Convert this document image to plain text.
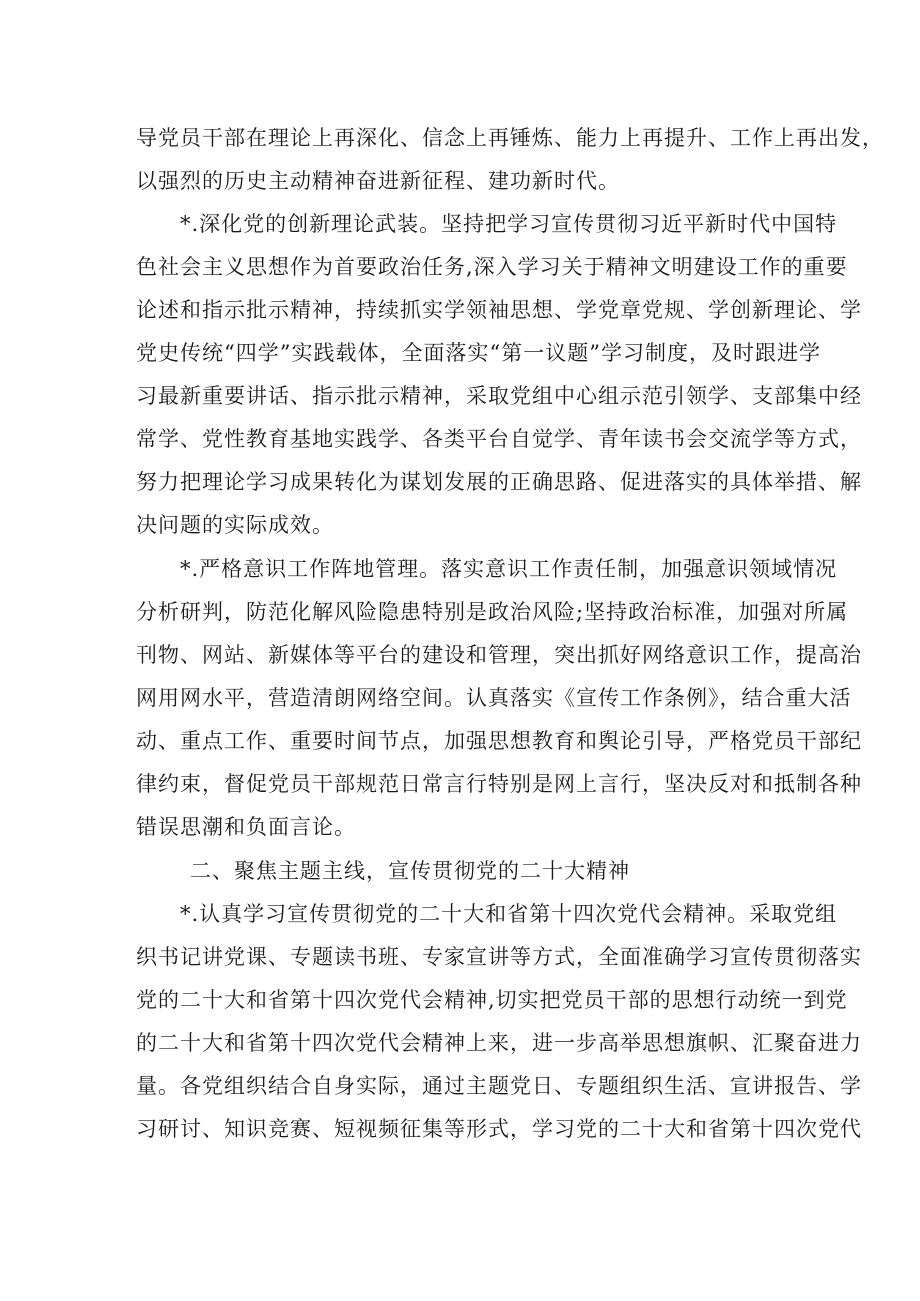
导党员干部在理论上再深化、信念上再锤炼、能力上再提升、工作上再出发，
以强烈的历史主动精神奋进新征程、建功新时代。
*.深化党的创新理论武装。坚持把学习宣传贯彻习近平新时代中国特
色社会主义思想作为首要政治任务,深入学习关于精神文明建设工作的重要
论述和指示批示精神，持续抓实学领袖思想、学党章党规、学创新理论、学
党史传统“四学”实践载体，全面落实“第一议题”学习制度，及时跟进学
习最新重要讲话、指示批示精神，采取党组中心组示范引领学、支部集中经
常学、党性教育基地实践学、各类平台自觉学、青年读书会交流学等方式，
努力把理论学习成果转化为谋划发展的正确思路、促进落实的具体举措、解
决问题的实际成效。
*.严格意识工作阵地管理。落实意识工作责任制，加强意识领域情况
分析研判，防范化解风险隐患特别是政治风险;坚持政治标准，加强对所属
刊物、网站、新媒体等平台的建设和管理，突出抓好网络意识工作，提高治
网用网水平，营造清朗网络空间。认真落实《宣传工作条例》，结合重大活
动、重点工作、重要时间节点，加强思想教育和舆论引导，严格党员干部纪
律约束，督促党员干部规范日常言行特别是网上言行，坚决反对和抵制各种
错误思潮和负面言论。
二、聚焦主题主线，宣传贯彻党的二十大精神
*.认真学习宣传贯彻党的二十大和省第十四次党代会精神。采取党组
织书记讲党课、专题读书班、专家宣讲等方式，全面准确学习宣传贯彻落实
党的二十大和省第十四次党代会精神,切实把党员干部的思想行动统一到党
的二十大和省第十四次党代会精神上来，进一步高举思想旗帜、汇聚奋进力
量。各党组织结合自身实际，通过主题党日、专题组织生活、宣讲报告、学
习研讨、知识竞赛、短视频征集等形式，学习党的二十大和省第十四次党代
